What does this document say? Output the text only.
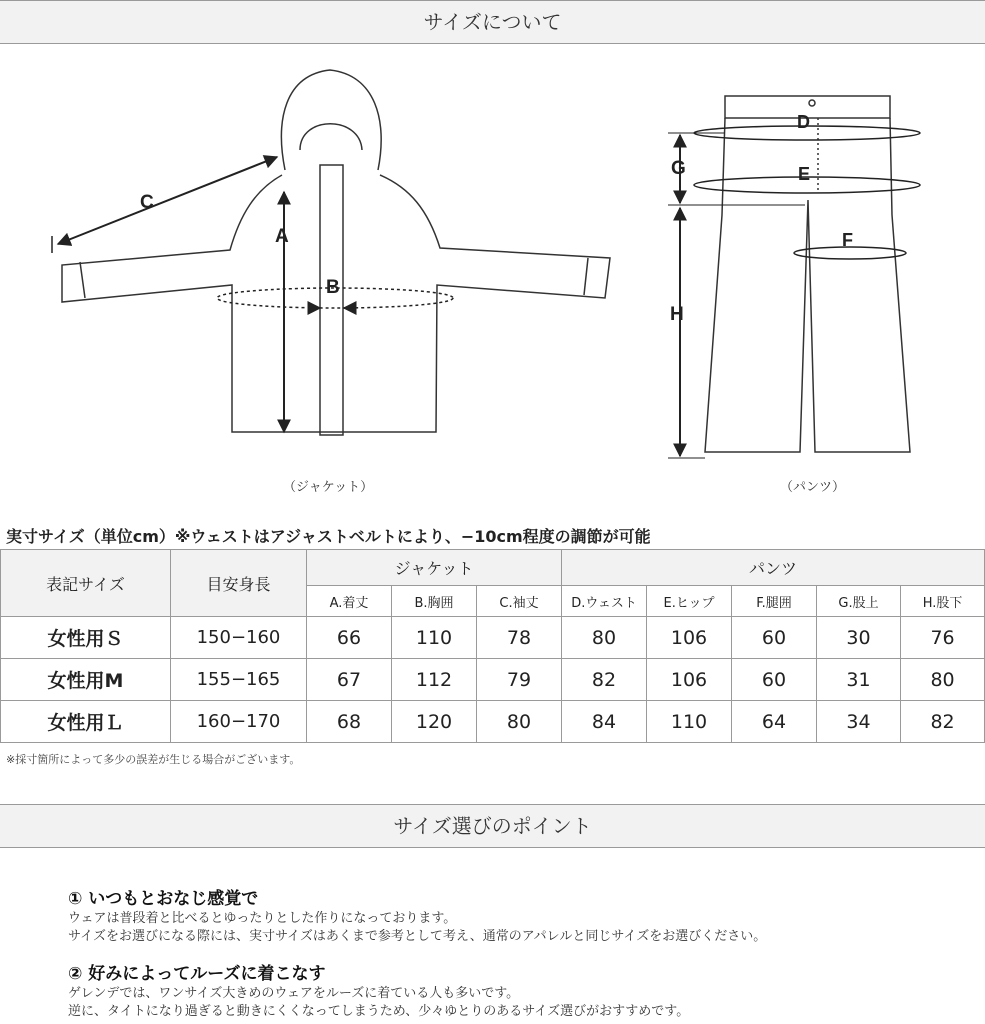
サイズについて
A
B
C
D
E
F
G
H
（ジャケット）	（パンツ）
実寸サイズ（単位cm）※ウェストはアジャストベルトにより、−10cm程度の調節が可能
表記サイズ	目安身長	ジャケット			パンツ				
		A.着丈	B.胸囲	C.袖丈	D.ウェスト	E.ヒップ	F.腿囲	G.股上	H.股下
女性用Ｓ	150−160	66	110	78	80	106	60	30	76
女性用M	155−165	67	112	79	82	106	60	31	80
女性用Ｌ	160−170	68	120	80	84	110	64	34	82
※採寸箇所によって多少の誤差が生じる場合がございます。
サイズ選びのポイント
① いつもとおなじ感覚で
ウェアは普段着と比べるとゆったりとした作りになっております。
サイズをお選びになる際には、実寸サイズはあくまで参考として考え、通常のアパレルと同じサイズをお選びください。
② 好みによってルーズに着こなす
ゲレンデでは、ワンサイズ大きめのウェアをルーズに着ている人も多いです。
逆に、タイトになり過ぎると動きにくくなってしまうため、少々ゆとりのあるサイズ選びがおすすめです。
